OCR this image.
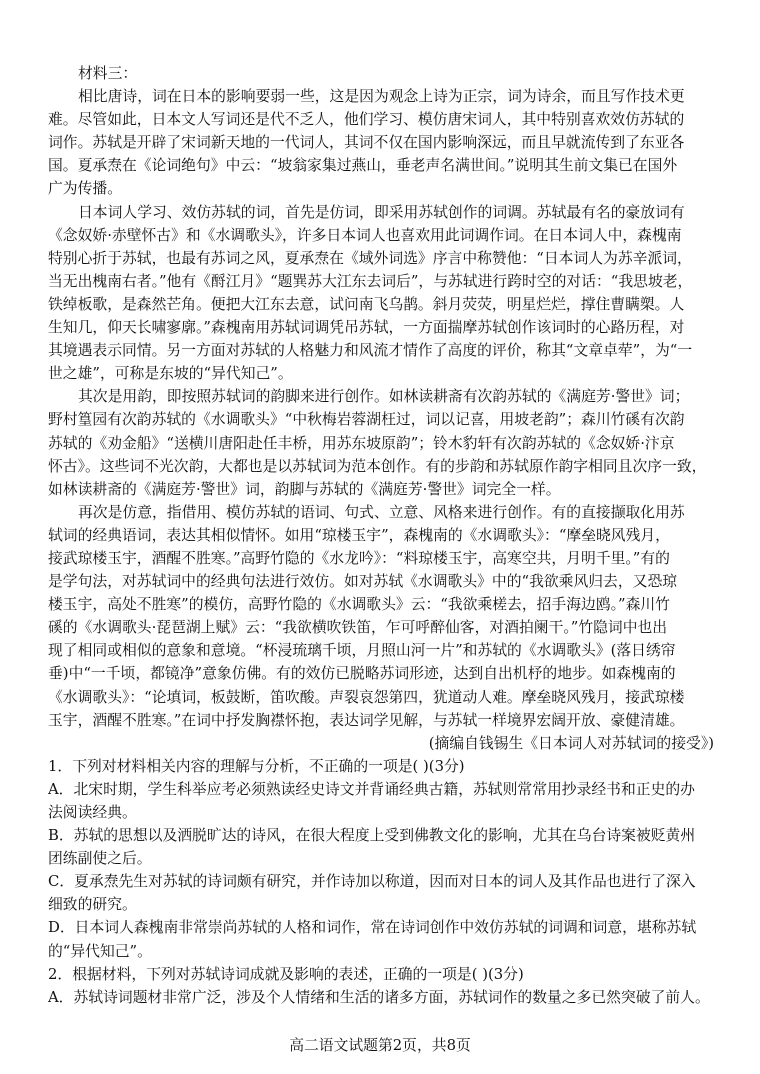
材料三：
相比唐诗，词在日本的影响要弱一些，这是因为观念上诗为正宗，词为诗余，而且写作技术更
难。尽管如此，日本文人写词还是代不乏人，他们学习、模仿唐宋词人，其中特别喜欢效仿苏轼的
词作。苏轼是开辟了宋词新天地的一代词人，其词不仅在国内影响深远，而且早就流传到了东亚各
国。夏承焘在《论词绝句》中云：“坡翁家集过燕山，垂老声名满世间。”说明其生前文集已在国外
广为传播。
日本词人学习、效仿苏轼的词，首先是仿词，即采用苏轼创作的词调。苏轼最有名的豪放词有
《念奴娇·赤壁怀古》和《水调歌头》，许多日本词人也喜欢用此词调作词。在日本词人中，森槐南
特别心折于苏轼，也最有苏词之风，夏承焘在《域外词选》序言中称赞他：“日本词人为苏辛派词，
当无出槐南右者。”他有《酹江月》“题巽苏大江东去词后”，与苏轼进行跨时空的对话：“我思坡老，
铁绰板歌，是森然芒角。便把大江东去意，试问南飞乌鹊。斜月荧荧，明星烂烂，撑住曹瞒槊。人
生知几，仰天长啸寥廓。”森槐南用苏轼词调凭吊苏轼，一方面揣摩苏轼创作该词时的心路历程，对
其境遇表示同情。另一方面对苏轼的人格魅力和风流才情作了高度的评价，称其“文章卓荦”，为“一
世之雄”，可称是东坡的“异代知己”。
其次是用韵，即按照苏轼词的韵脚来进行创作。如林读耕斋有次韵苏轼的《满庭芳·警世》词；
野村篁园有次韵苏轼的《水调歌头》“中秋梅岩蓉湖枉过，词以记喜，用坡老韵”；森川竹磎有次韵
苏轼的《劝金船》“送横川唐阳赴任丰桥，用苏东坡原韵”；铃木豹轩有次韵苏轼的《念奴娇·汴京
怀古》。这些词不光次韵，大都也是以苏轼词为范本创作。有的步韵和苏轼原作韵字相同且次序一致，
如林读耕斋的《满庭芳·警世》词，韵脚与苏轼的《满庭芳·警世》词完全一样。
再次是仿意，指借用、模仿苏轼的语词、句式、立意、风格来进行创作。有的直接撷取化用苏
轼词的经典语词，表达其相似情怀。如用“琼楼玉宇”，森槐南的《水调歌头》：“摩垒晓风残月，
接武琼楼玉宇，酒醒不胜寒。”高野竹隐的《水龙吟》：“料琼楼玉宇，高寒空共，月明千里。”有的
是学句法，对苏轼词中的经典句法进行效仿。如对苏轼《水调歌头》中的“我欲乘风归去，又恐琼
楼玉宇，高处不胜寒”的模仿，高野竹隐的《水调歌头》云：“我欲乘槎去，招手海边鸥。”森川竹
磎的《水调歌头·琵琶湖上赋》云：“我欲横吹铁笛，乍可呼醉仙客，对酒拍阑干。”竹隐词中也出
现了相同或相似的意象和意境。“杯浸琉璃千顷，月照山河一片”和苏轼的《水调歌头》(落日绣帘
垂)中“一千顷，都镜净”意象仿佛。有的效仿已脱略苏词形迹，达到自出机杼的地步。如森槐南的
《水调歌头》：“论填词，板鼓断，笛吹酸。声裂哀怨第四，犹道动人难。摩垒晓风残月，接武琼楼
玉宇，酒醒不胜寒。”在词中抒发胸襟怀抱，表达词学见解，与苏轼一样境界宏阔开放、豪健清雄。
(摘编自钱锡生《日本词人对苏轼词的接受》)
1．下列对材料相关内容的理解与分析，不正确的一项是( )(3分)
A．北宋时期，学生科举应考必须熟读经史诗文并背诵经典古籍，苏轼则常常用抄录经书和正史的办
法阅读经典。
B．苏轼的思想以及洒脱旷达的诗风，在很大程度上受到佛教文化的影响，尤其在乌台诗案被贬黄州
团练副使之后。
C．夏承焘先生对苏轼的诗词颇有研究，并作诗加以称道，因而对日本的词人及其作品也进行了深入
细致的研究。
D．日本词人森槐南非常崇尚苏轼的人格和词作，常在诗词创作中效仿苏轼的词调和词意，堪称苏轼
的“异代知己”。
2．根据材料，下列对苏轼诗词成就及影响的表述，正确的一项是( )(3分)
A．苏轼诗词题材非常广泛，涉及个人情绪和生活的诸多方面，苏轼词作的数量之多已然突破了前人。
高二语文试题第2页，共8页
